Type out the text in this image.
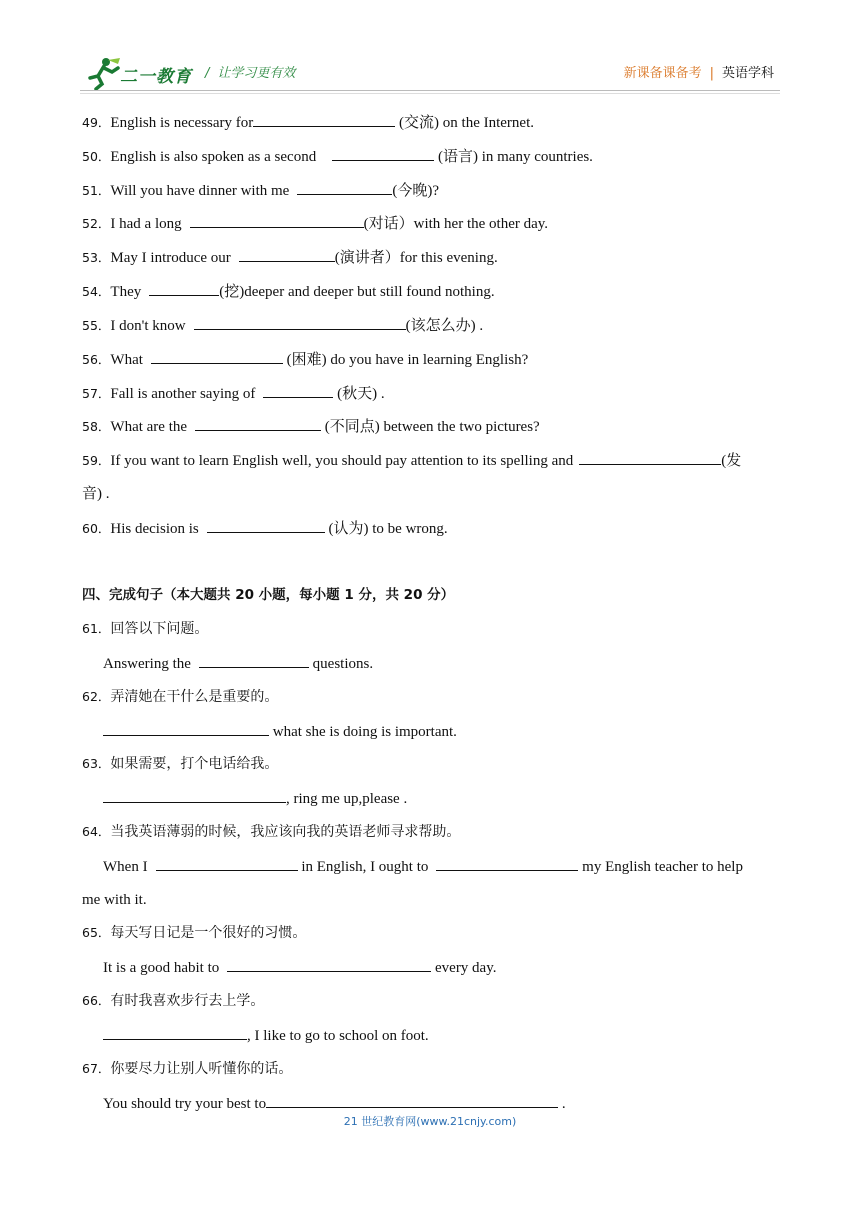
二一教育 / 让学习更有效	新课备课备考 | 英语学科
49．English is necessary for	(交流) on the Internet.
50．English is also spoken as a second	(语言) in many countries.
51．Will you have dinner with me	(今晚)?
52．I had a long	(对话）with her the other day.
53．May I introduce our	(演讲者）for this evening.
54．They	(挖)deeper and deeper but still found nothing.
55．I don't know	(该怎么办) .
56．What	(困难) do you have in learning English?
57．Fall is another saying of	(秋天) .
58．What are the	(不同点) between the two pictures?
59．If you want to learn English well, you should pay attention to its spelling and	(发
音) .
60．His decision is	(认为) to be wrong.
四、完成句子（本大题共 20 小题，每小题 1 分，共 20 分）
61．回答以下问题。
Answering the	questions.
62．弄清她在干什么是重要的。
what she is doing is important.
63．如果需要，打个电话给我。
, ring me up,please .
64．当我英语薄弱的时候，我应该向我的英语老师寻求帮助。
When I	in English, I ought to	my English teacher to help
me with it.
65．每天写日记是一个很好的习惯。
It is a good habit to	every day.
66．有时我喜欢步行去上学。
, I like to go to school on foot.
67．你要尽力让别人听懂你的话。
You should try your best to	.
21 世纪教育网(www.21cnjy.com)
